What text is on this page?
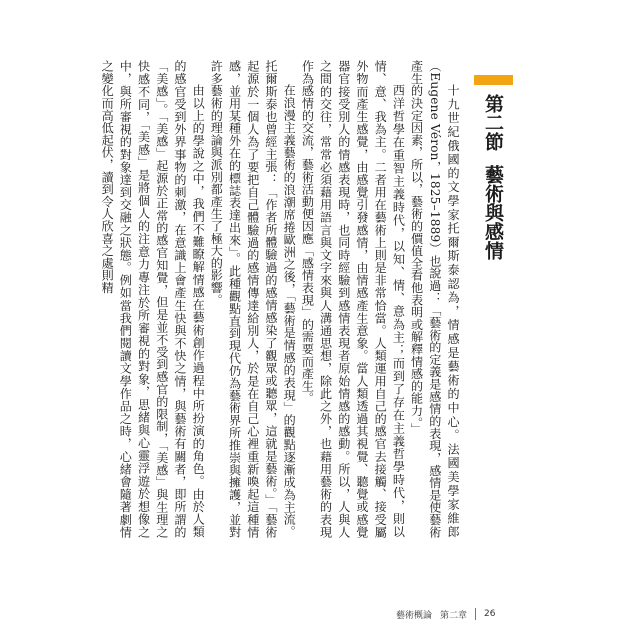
第二節藝術與感情

十九世紀俄國的文學家托爾斯泰認為，情感是藝術的中心。法國美學家維郎（Eugene Véron，1825–1889）也說過：「藝術的定義是感情的表現，感情是使藝術產生的決定因素，所以，藝術的價值全看他表明或解釋情感的能力。」

西洋哲學在重智主義時代，以知、情、意為主；而到了存在主義哲學時代，則以情、意、我為主。二者用在藝術上則是非常恰當。人類運用自己的感官去接觸、接受屬外物而產生感覺，由感覺引發感情，由情感產生意象。當人類透過其視覺、聽覺或感覺器官接受別人的情感表現時，也同時經驗到感情表現者原始情感的感動。所以，人與人之間的交往，常常必須藉用語言與文字來與人溝通思想，除此之外，也藉用藝術的表現作為感情的交流，藝術活動便因應「感情表現」的需要而產生。

在浪漫主義藝術的浪潮席捲歐洲之後，「藝術是情感的表現」的觀點逐漸成為主流。托爾斯泰也曾經主張：「作者所體驗過的感情感染了觀眾或聽眾，這就是藝術。」「藝術起源於一個人為了要把自己體驗過的感情傳達給別人，於是在自己心裡重新喚起這種情感，並用某種外在的標誌表達出來」。此種觀點直到現代仍為藝術界所推崇與擁護，並對許多藝術的理論與派別都產生了極大的影響。

由以上的學說之中，我們不難瞭解情感在藝術創作過程中所扮演的角色。由於人類的感官受到外界事物的刺激，在意識上會產生快與不快之情，與藝術有關者，即所謂的「美感」。「美感」起源於正常的感官知覺，但是並不受到感官的限制，「美感」與生理之快感不同，「美感」是將個人的注意力專注於所審視的對象，思緒與心靈浮遊於想像之中，與所審視的對象達到交融之狀態。例如當我們閱讀文學作品之時，心緒會隨著劇情之變化而高低起伏，讀到令人欣喜之處則精

藝術概論 第二章 26
